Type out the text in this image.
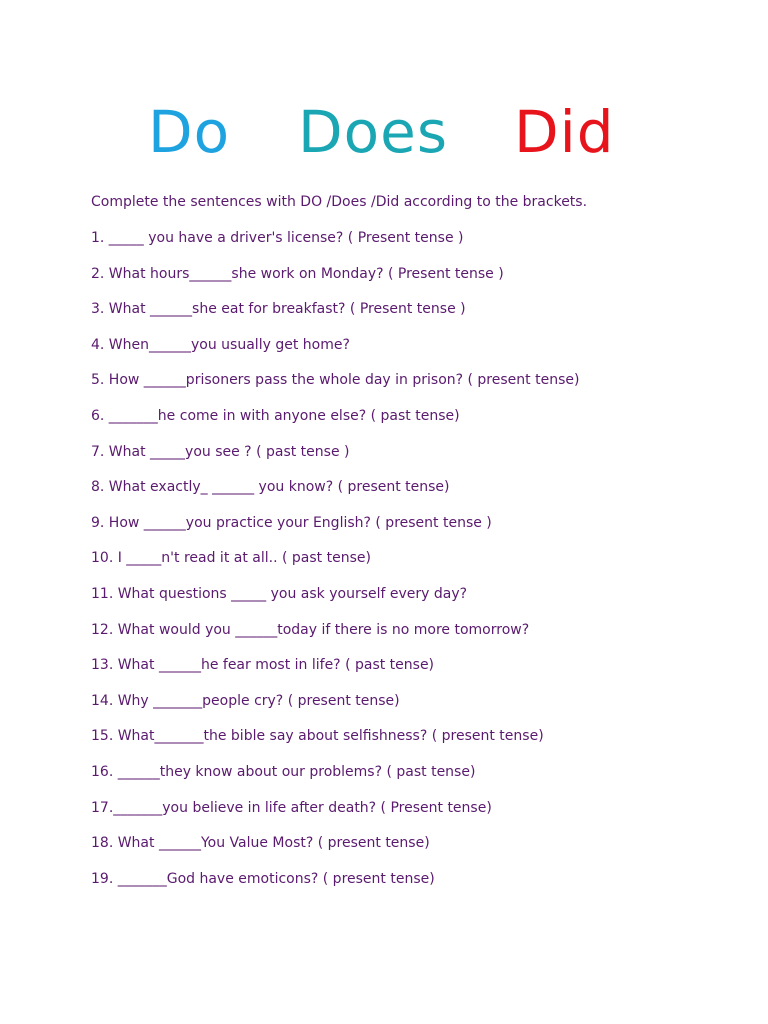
Do Does Did
Complete the sentences with DO /Does /Did according to the brackets.
1. _____ you have a driver's license? ( Present tense )
2. What hours______she work on Monday? ( Present tense )
3. What ______she eat for breakfast? ( Present tense )
4. When______you usually get home?
5. How ______prisoners pass the whole day in prison? ( present tense)
6. _______he come in with anyone else? ( past tense)
7. What _____you see ? ( past tense )
8. What exactly_ ______ you know? ( present tense)
9. How ______you practice your English? ( present tense )
10. I _____n't read it at all.. ( past tense)
11. What questions _____ you ask yourself every day?
12. What would you ______today if there is no more tomorrow?
13. What ______he fear most in life? ( past tense)
14. Why _______people cry? ( present tense)
15. What_______the bible say about selfishness? ( present tense)
16. ______they know about our problems? ( past tense)
17._______you believe in life after death? ( Present tense)
18. What ______You Value Most? ( present tense)
19. _______God have emoticons? ( present tense)
